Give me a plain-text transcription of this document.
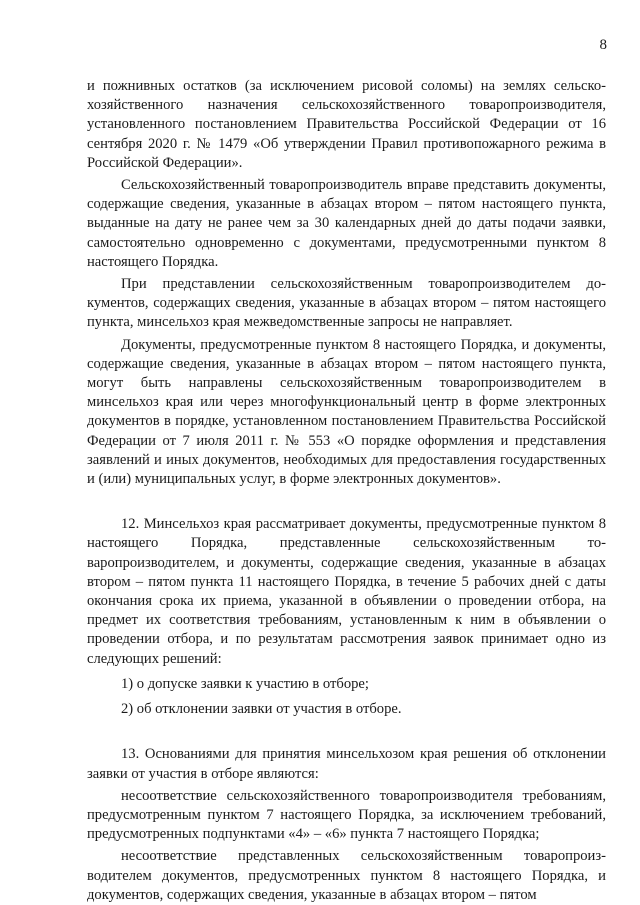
8

и пожнивных остатков (за исключением рисовой соломы) на землях сельскохозяйственного назначения сельскохозяйственного товаропроизводителя, установленного постановлением Правительства Российской Федерации от 16 сентября 2020 г. № 1479 «Об утверждении Правил противопожарного режима в Российской Федерации».

Сельскохозяйственный товаропроизводитель вправе представить документы, содержащие сведения, указанные в абзацах втором – пятом настоящего пункта, выданные на дату не ранее чем за 30 календарных дней до даты подачи заявки, самостоятельно одновременно с документами, предусмотренными пунктом 8 настоящего Порядка.

При представлении сельскохозяйственным товаропроизводителем документов, содержащих сведения, указанные в абзацах втором – пятом настоящего пункта, минсельхоз края межведомственные запросы не направляет.

Документы, предусмотренные пунктом 8 настоящего Порядка, и документы, содержащие сведения, указанные в абзацах втором – пятом настоящего пункта, могут быть направлены сельскохозяйственным товаропроизводителем в минсельхоз края или через многофункциональный центр в форме электронных документов в порядке, установленном постановлением Правительства Российской Федерации от 7 июля 2011 г. № 553 «О порядке оформления и представления заявлений и иных документов, необходимых для предоставления государственных и (или) муниципальных услуг, в форме электронных документов».

12. Минсельхоз края рассматривает документы, предусмотренные пунктом 8 настоящего Порядка, представленные сельскохозяйственным товаропроизводителем, и документы, содержащие сведения, указанные в абзацах втором – пятом пункта 11 настоящего Порядка, в течение 5 рабочих дней с даты окончания срока их приема, указанной в объявлении о проведении отбора, на предмет их соответствия требованиям, установленным к ним в объявлении о проведении отбора, и по результатам рассмотрения заявок принимает одно из следующих решений:

1) о допуске заявки к участию в отборе;

2) об отклонении заявки от участия в отборе.

13. Основаниями для принятия минсельхозом края решения об отклонении заявки от участия в отборе являются:

несоответствие сельскохозяйственного товаропроизводителя требованиям, предусмотренным пунктом 7 настоящего Порядка, за исключением требований, предусмотренных подпунктами «4» – «6» пункта 7 настоящего Порядка;

несоответствие представленных сельскохозяйственным товаропроизводителем документов, предусмотренных пунктом 8 настоящего Порядка, и документов, содержащих сведения, указанные в абзацах втором – пятом
